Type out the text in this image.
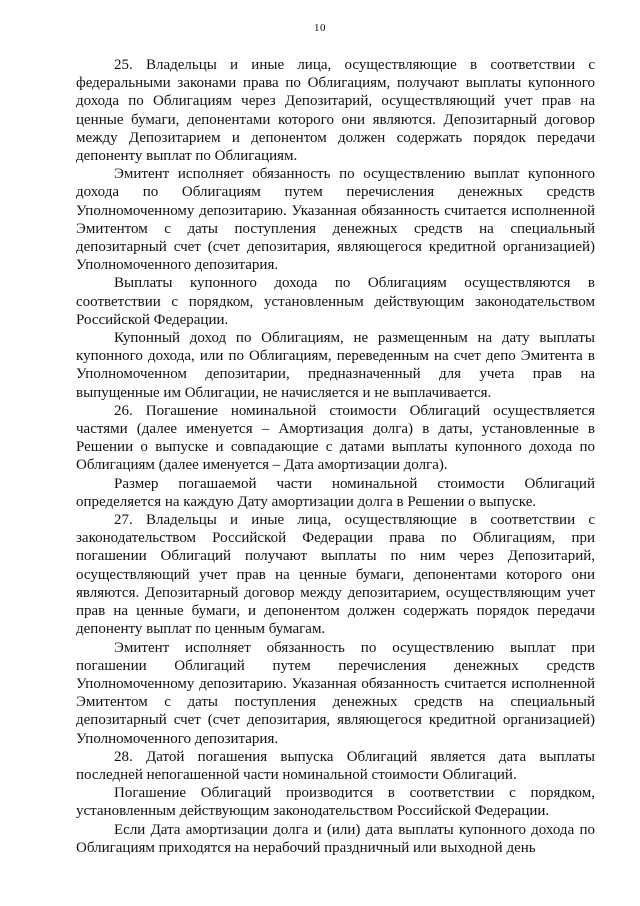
10

25. Владельцы и иные лица, осуществляющие в соответствии с федеральными законами права по Облигациям, получают выплаты купонного дохода по Облигациям через Депозитарий, осуществляющий учет прав на ценные бумаги, депонентами которого они являются. Депозитарный договор между Депозитарием и депонентом должен содержать порядок передачи депоненту выплат по Облигациям.

Эмитент исполняет обязанность по осуществлению выплат купонного дохода по Облигациям путем перечисления денежных средств Уполномоченному депозитарию. Указанная обязанность считается исполненной Эмитентом с даты поступления денежных средств на специальный депозитарный счет (счет депозитария, являющегося кредитной организацией) Уполномоченного депозитария.

Выплаты купонного дохода по Облигациям осуществляются в соответствии с порядком, установленным действующим законодательством Российской Федерации.

Купонный доход по Облигациям, не размещенным на дату выплаты купонного дохода, или по Облигациям, переведенным на счет депо Эмитента в Уполномоченном депозитарии, предназначенный для учета прав на выпущенные им Облигации, не начисляется и не выплачивается.

26. Погашение номинальной стоимости Облигаций осуществляется частями (далее именуется – Амортизация долга) в даты, установленные в Решении о выпуске и совпадающие с датами выплаты купонного дохода по Облигациям (далее именуется – Дата амортизации долга).

Размер погашаемой части номинальной стоимости Облигаций определяется на каждую Дату амортизации долга в Решении о выпуске.

27. Владельцы и иные лица, осуществляющие в соответствии с законодательством Российской Федерации права по Облигациям, при погашении Облигаций получают выплаты по ним через Депозитарий, осуществляющий учет прав на ценные бумаги, депонентами которого они являются. Депозитарный договор между депозитарием, осуществляющим учет прав на ценные бумаги, и депонентом должен содержать порядок передачи депоненту выплат по ценным бумагам.

Эмитент исполняет обязанность по осуществлению выплат при погашении Облигаций путем перечисления денежных средств Уполномоченному депозитарию. Указанная обязанность считается исполненной Эмитентом с даты поступления денежных средств на специальный депозитарный счет (счет депозитария, являющегося кредитной организацией) Уполномоченного депозитария.

28. Датой погашения выпуска Облигаций является дата выплаты последней непогашенной части номинальной стоимости Облигаций.

Погашение Облигаций производится в соответствии с порядком, установленным действующим законодательством Российской Федерации.

Если Дата амортизации долга и (или) дата выплаты купонного дохода по Облигациям приходятся на нерабочий праздничный или выходной день
